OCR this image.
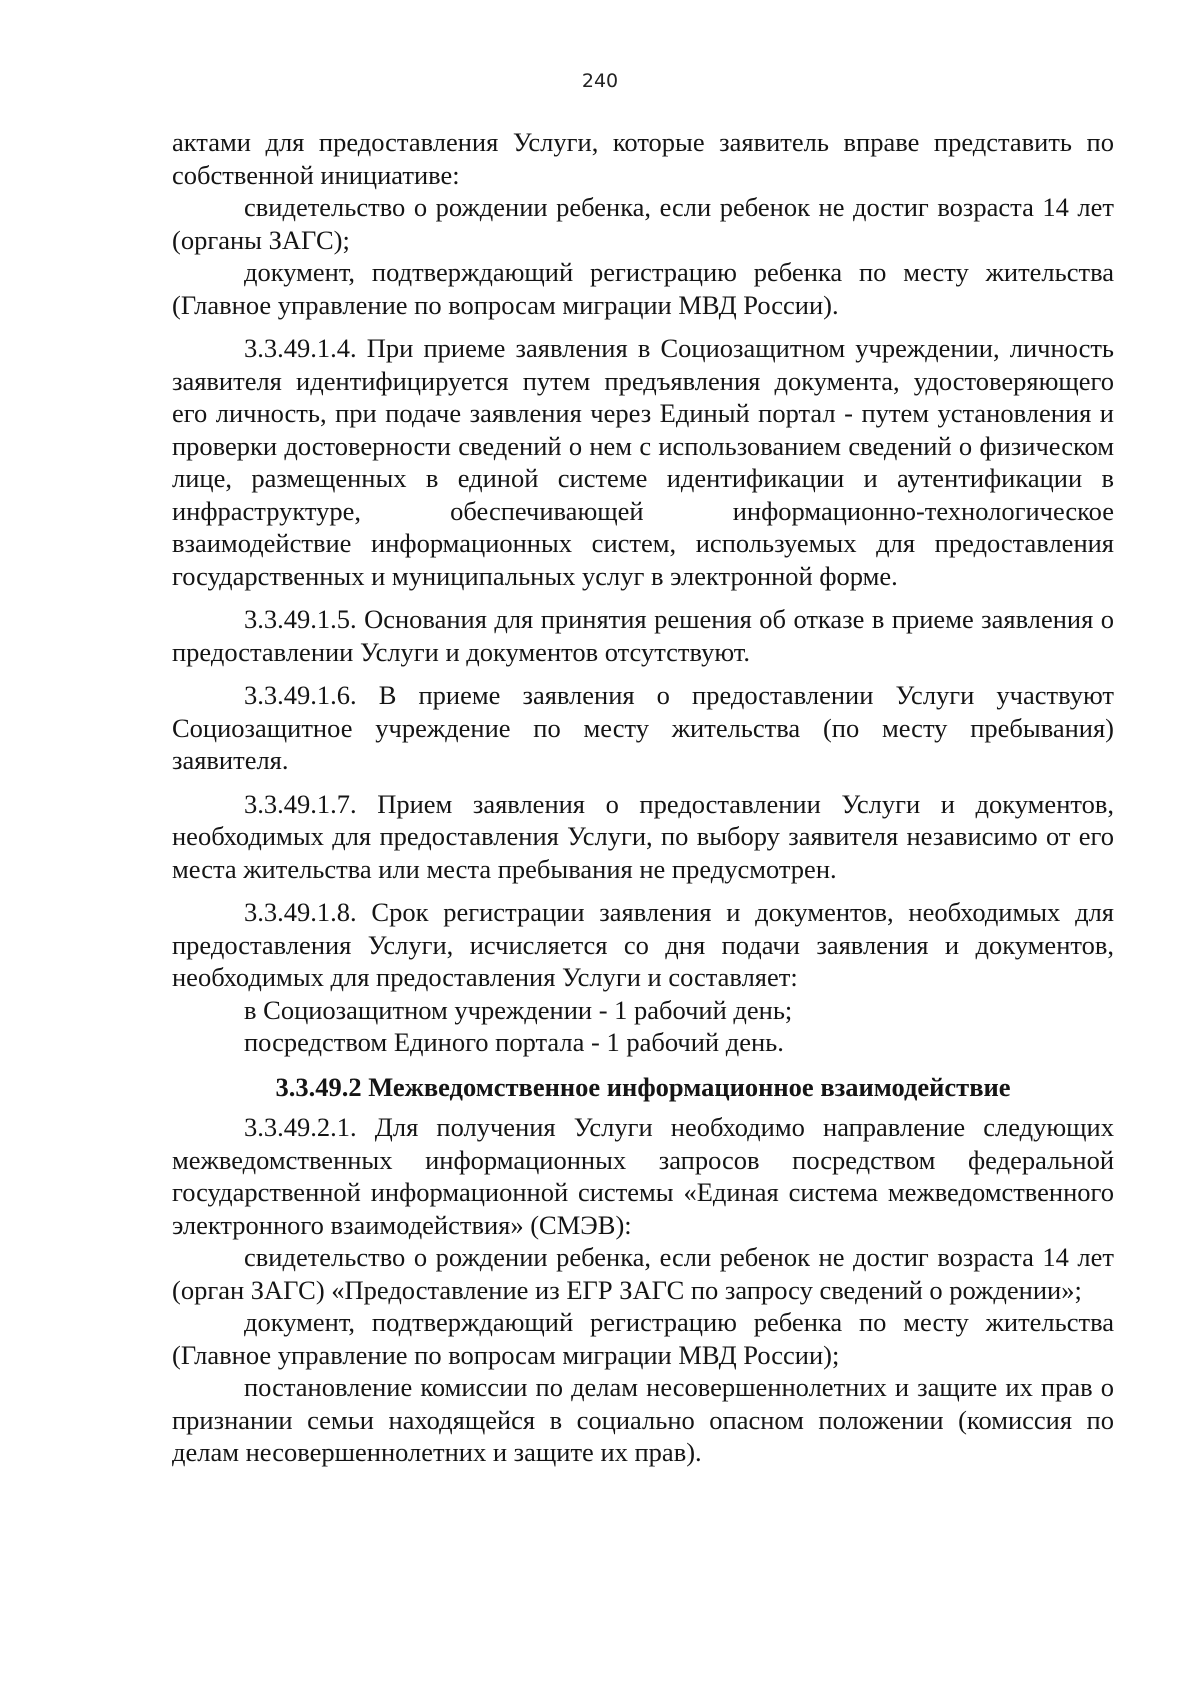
240

актами для предоставления Услуги, которые заявитель вправе представить по собственной инициативе:

свидетельство о рождении ребенка, если ребенок не достиг возраста 14 лет (органы ЗАГС);

документ, подтверждающий регистрацию ребенка по месту жительства (Главное управление по вопросам миграции МВД России).

3.3.49.1.4. При приеме заявления в Социозащитном учреждении, личность заявителя идентифицируется путем предъявления документа, удостоверяющего его личность, при подаче заявления через Единый портал - путем установления и проверки достоверности сведений о нем с использованием сведений о физическом лице, размещенных в единой системе идентификации и аутентификации в инфраструктуре, обеспечивающей информационно-технологическое взаимодействие информационных систем, используемых для предоставления государственных и муниципальных услуг в электронной форме.

3.3.49.1.5. Основания для принятия решения об отказе в приеме заявления о предоставлении Услуги и документов отсутствуют.

3.3.49.1.6. В приеме заявления о предоставлении Услуги участвуют Социозащитное учреждение по месту жительства (по месту пребывания) заявителя.

3.3.49.1.7. Прием заявления о предоставлении Услуги и документов, необходимых для предоставления Услуги, по выбору заявителя независимо от его места жительства или места пребывания не предусмотрен.

3.3.49.1.8. Срок регистрации заявления и документов, необходимых для предоставления Услуги, исчисляется со дня подачи заявления и документов, необходимых для предоставления Услуги и составляет:

в Социозащитном учреждении - 1 рабочий день;

посредством Единого портала - 1 рабочий день.

3.3.49.2 Межведомственное информационное взаимодействие

3.3.49.2.1. Для получения Услуги необходимо направление следующих межведомственных информационных запросов посредством федеральной государственной информационной системы «Единая система межведомственного электронного взаимодействия» (СМЭВ):

свидетельство о рождении ребенка, если ребенок не достиг возраста 14 лет (орган ЗАГС) «Предоставление из ЕГР ЗАГС по запросу сведений о рождении»;

документ, подтверждающий регистрацию ребенка по месту жительства (Главное управление по вопросам миграции МВД России);

постановление комиссии по делам несовершеннолетних и защите их прав о признании семьи находящейся в социально опасном положении (комиссия по делам несовершеннолетних и защите их прав).
